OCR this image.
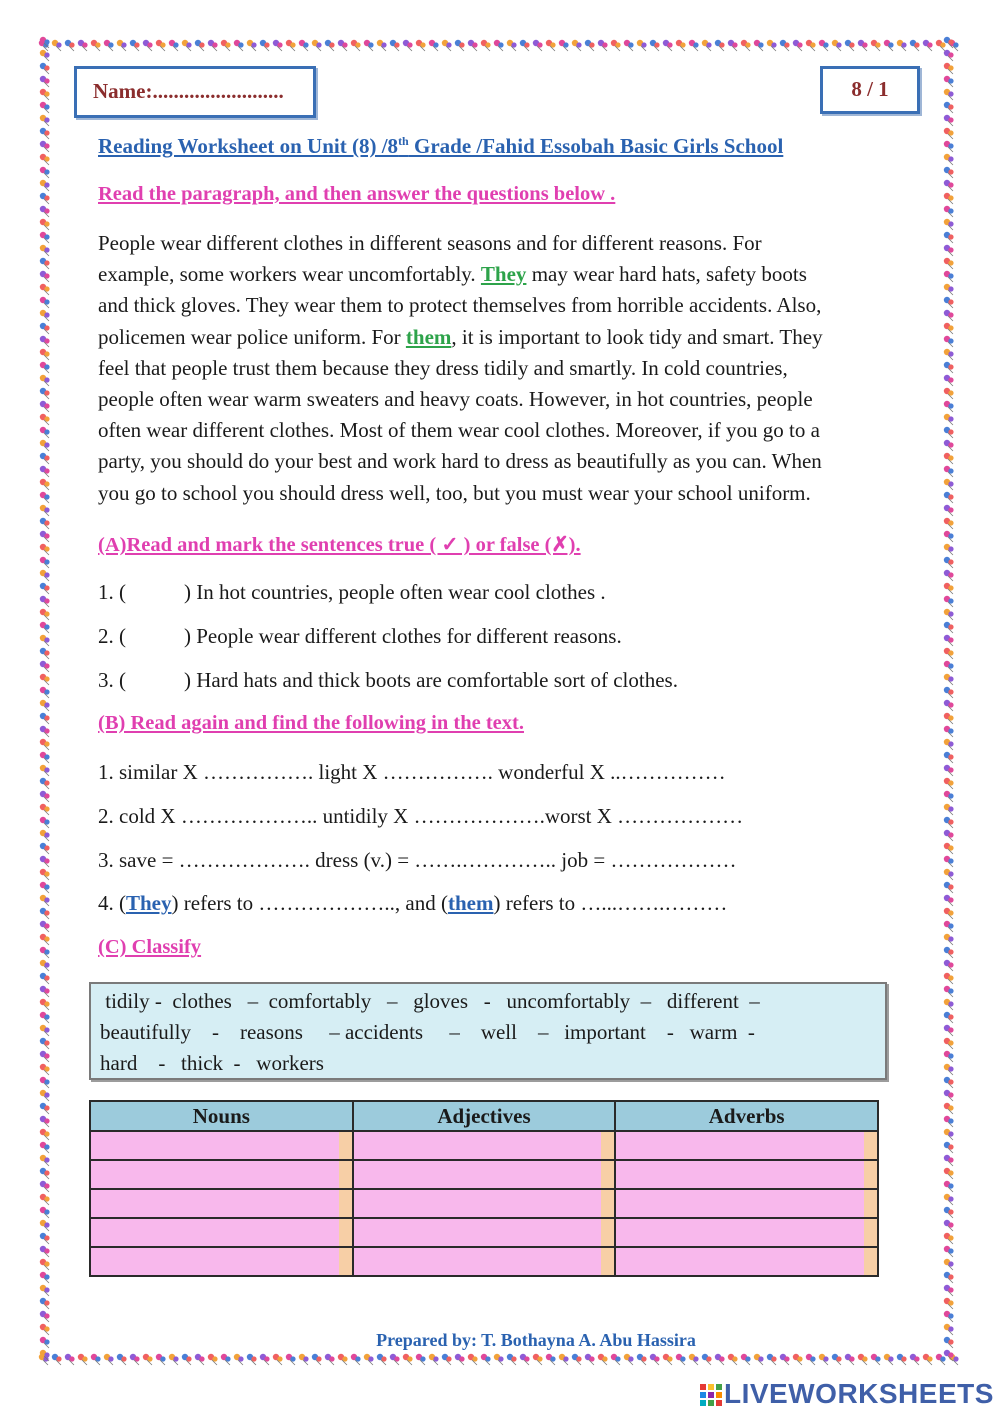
Name:.........................	8 / 1
Reading Worksheet on Unit (8) /8th Grade /Fahid Essobah Basic Girls School
Read the paragraph, and then answer the questions below .
People wear different clothes in different seasons and for different reasons. For
example, some workers wear uncomfortably. They may wear hard hats, safety boots
and thick gloves. They wear them to protect themselves from horrible accidents. Also,
policemen wear police uniform. For them, it is important to look tidy and smart. They
feel that people trust them because they dress tidily and smartly. In cold countries,
people often wear warm sweaters and heavy coats. However, in hot countries, people
often wear different clothes. Most of them wear cool clothes. Moreover, if you go to a
party, you should do your best and work hard to dress as beautifully as you can. When
you go to school you should dress well, too, but you must wear your school uniform.
(A)Read and mark the sentences true ( ✓ ) or false (✗).
1. (	) In hot countries, people often wear cool clothes .
2. (	) People wear different clothes for different reasons.
3. (	) Hard hats and thick boots are comfortable sort of clothes.
(B) Read again and find the following in the text.
1. similar X ……………. light X ……………. wonderful X ..……………
2. cold X ……………….. untidily X ……………….worst X ………………
3. save = ………………. dress (v.) = …….………….. job = ………………
4. (They) refers to ……………….., and (them) refers to …...…….………
(C) Classify
tidily -  clothes   –  comfortably   –   gloves   -   uncomfortably  –   different  –
beautifully    -    reasons     – accidents     –    well    –   important    -   warm  -
hard    -   thick  -   workers
Nouns	Adjectives	Adverbs

Prepared by: T. Bothayna A. Abu Hassira
LIVEWORKSHEETS
